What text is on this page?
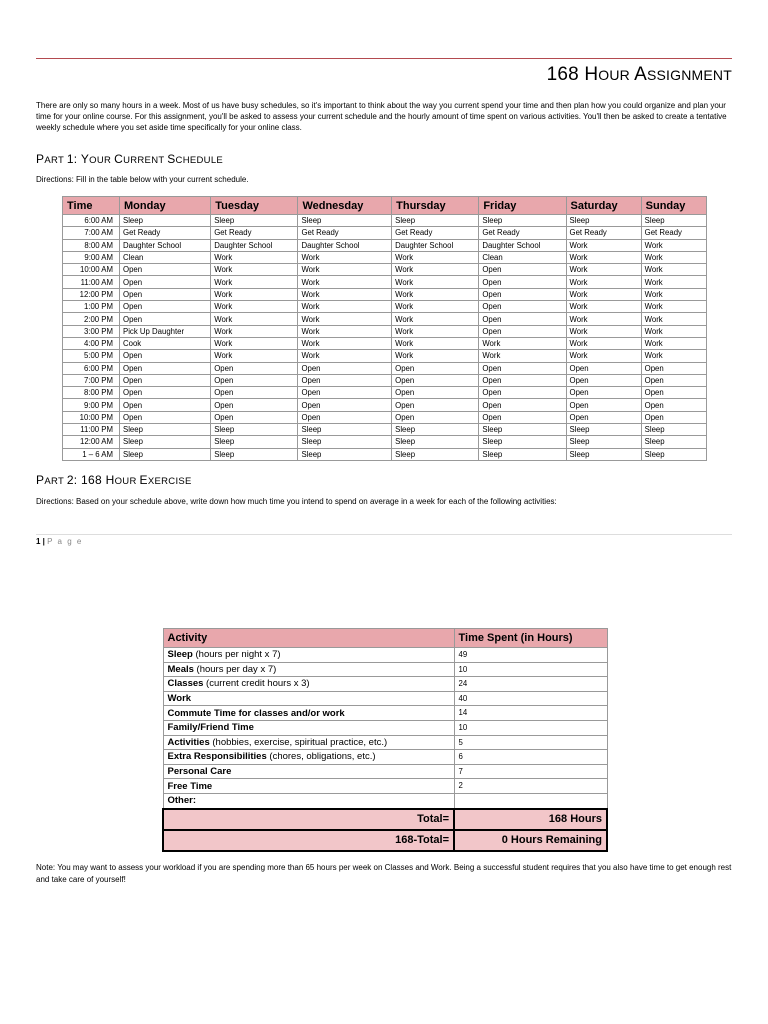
168 HOUR ASSIGNMENT
There are only so many hours in a week. Most of us have busy schedules, so it's important to think about the way you current spend your time and then plan how you could organize and plan your time for your online course. For this assignment, you'll be asked to assess your current schedule and the hourly amount of time spent on various activities. You'll then be asked to create a tentative weekly schedule where you set aside time specifically for your online class.
PART 1: YOUR CURRENT SCHEDULE
Directions: Fill in the table below with your current schedule.
Time	Monday	Tuesday	Wednesday	Thursday	Friday	Saturday	Sunday
6:00 AM	Sleep	Sleep	Sleep	Sleep	Sleep	Sleep	Sleep
7:00 AM	Get Ready	Get Ready	Get Ready	Get Ready	Get Ready	Get Ready	Get Ready
8:00 AM	Daughter School	Daughter School	Daughter School	Daughter School	Daughter School	Work	Work
9:00 AM	Clean	Work	Work	Work	Clean	Work	Work
10:00 AM	Open	Work	Work	Work	Open	Work	Work
11:00 AM	Open	Work	Work	Work	Open	Work	Work
12:00 PM	Open	Work	Work	Work	Open	Work	Work
1:00 PM	Open	Work	Work	Work	Open	Work	Work
2:00 PM	Open	Work	Work	Work	Open	Work	Work
3:00 PM	Pick Up Daughter	Work	Work	Work	Open	Work	Work
4:00 PM	Cook	Work	Work	Work	Work	Work	Work
5:00 PM	Open	Work	Work	Work	Work	Work	Work
6:00 PM	Open	Open	Open	Open	Open	Open	Open
7:00 PM	Open	Open	Open	Open	Open	Open	Open
8:00 PM	Open	Open	Open	Open	Open	Open	Open
9:00 PM	Open	Open	Open	Open	Open	Open	Open
10:00 PM	Open	Open	Open	Open	Open	Open	Open
11:00 PM	Sleep	Sleep	Sleep	Sleep	Sleep	Sleep	Sleep
12:00 AM	Sleep	Sleep	Sleep	Sleep	Sleep	Sleep	Sleep
1 – 6 AM	Sleep	Sleep	Sleep	Sleep	Sleep	Sleep	Sleep
PART 2: 168 HOUR EXERCISE
Directions: Based on your schedule above, write down how much time you intend to spend on average in a week for each of the following activities:
1 | P a g e
Activity	Time Spent (in Hours)
Sleep (hours per night x 7)	49
Meals (hours per day x 7)	10
Classes (current credit hours x 3)	24
Work	40
Commute Time for classes and/or work	14
Family/Friend Time	10
Activities (hobbies, exercise, spiritual practice, etc.)	5
Extra Responsibilities (chores, obligations, etc.)	6
Personal Care	7
Free Time	2
Other:	
Total=	168 Hours
168-Total=	0 Hours Remaining
Note: You may want to assess your workload if you are spending more than 65 hours per week on Classes and Work. Being a successful student requires that you also have time to get enough rest and take care of yourself!
